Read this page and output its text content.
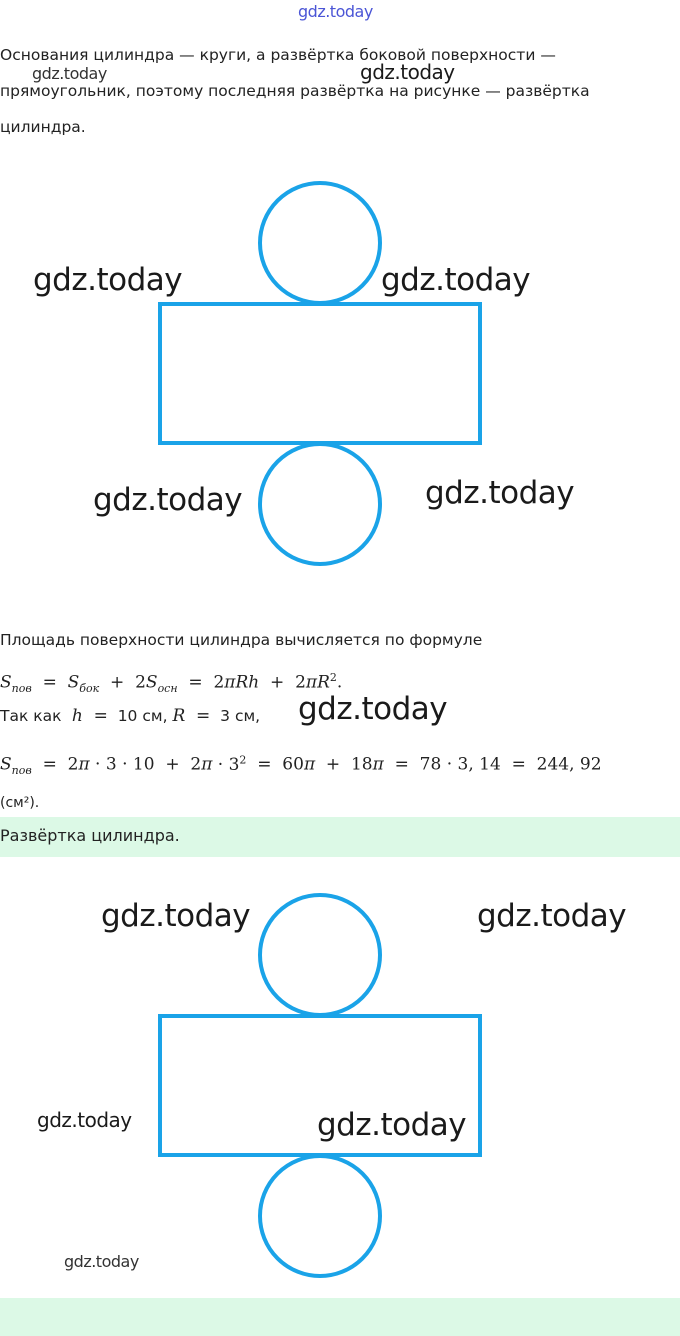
gdz.today

Основания цилиндра — круги, а развёртка боковой поверхности —

прямоугольник, поэтому последняя развёртка на рисунке — развёртка

цилиндра.

gdz.today	gdz.today
gdz.today	gdz.today
gdz.today	gdz.today

Площадь поверхности цилиндра вычисляется по формуле

$S_{пов} = S_{бок} + 2S_{осн} = 2\pi Rh + 2\pi R^2$.
Так как  h  = 10 см, R  = 3 см, gdz.today
$S_{пов} = 2\pi \cdot 3 \cdot 10 + 2\pi \cdot 3^2 = 60\pi + 18\pi = 78 \cdot 3$, 14 = 244, 92

(см²).

Развёртка цилиндра.
gdz.today	gdz.today
gdz.today	gdz.today
gdz.today
